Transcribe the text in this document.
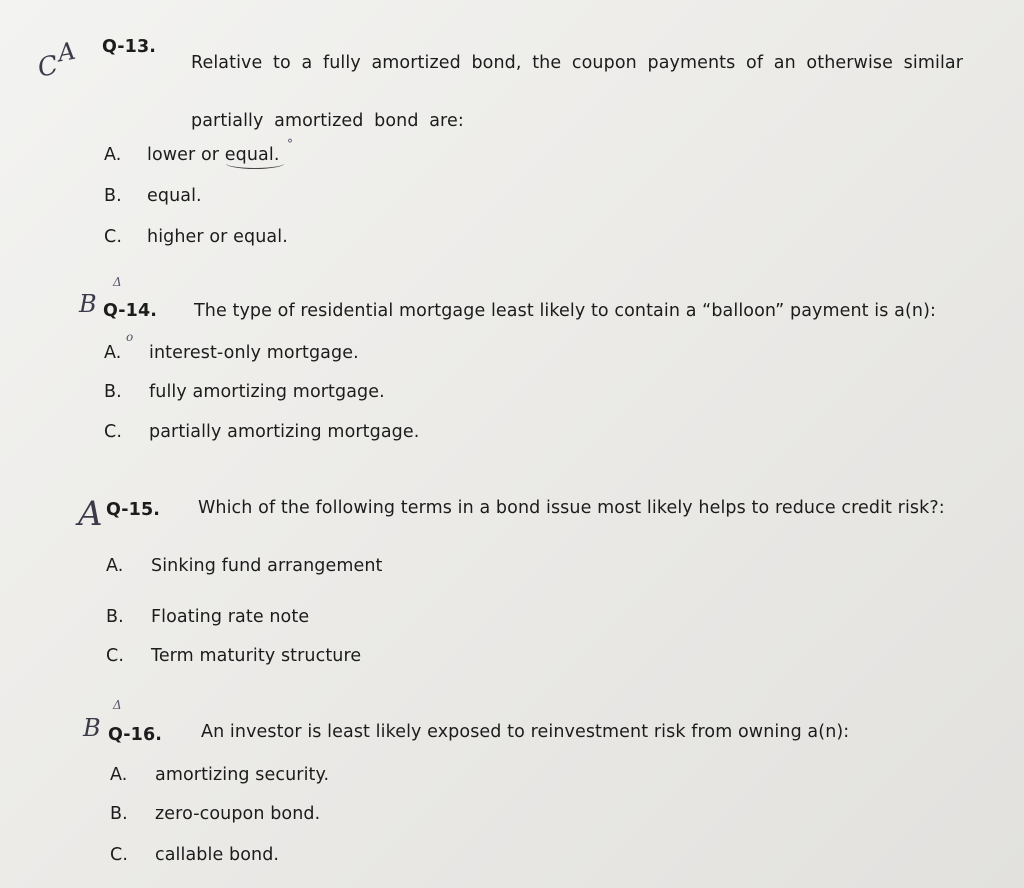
C
A Q-13.
Relative to a fully amortized bond, the coupon payments of an otherwise similar partially amortized bond are:
A. lower or equal.
°
B. equal.
C. higher or equal.
Δ
B Q-14. The type of residential mortgage least likely to contain a “balloon” payment is a(n):
o
A. interest-only mortgage.
B. fully amortizing mortgage.
C. partially amortizing mortgage.
A Q-15. Which of the following terms in a bond issue most likely helps to reduce credit risk?:
A. Sinking fund arrangement
B. Floating rate note
C. Term maturity structure
Δ
B Q-16. An investor is least likely exposed to reinvestment risk from owning a(n):
A. amortizing security.
B. zero-coupon bond.
C. callable bond.
